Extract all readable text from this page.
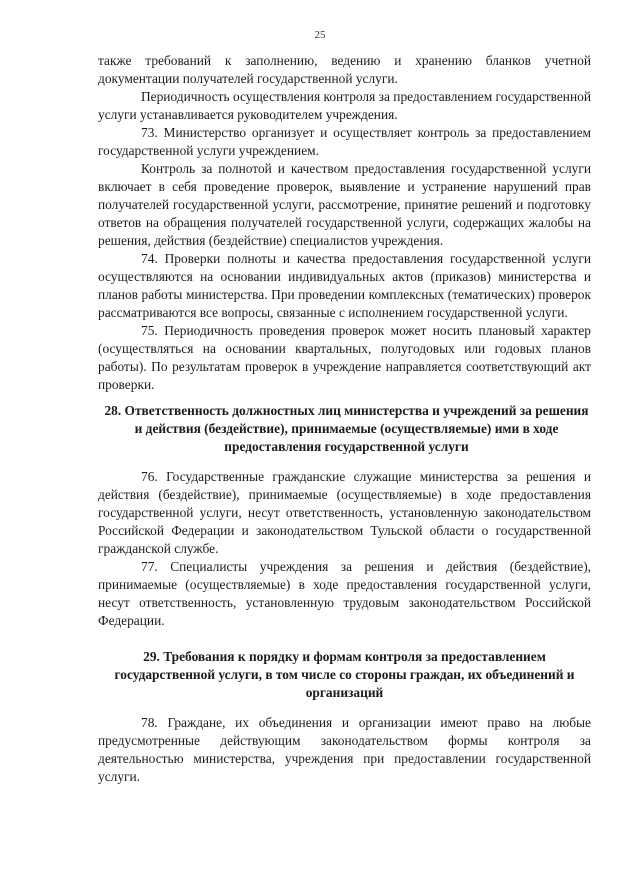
25

также требований к заполнению, ведению и хранению бланков учетной документации получателей государственной услуги.

Периодичность осуществления контроля за предоставлением государственной услуги устанавливается руководителем учреждения.

73. Министерство организует и осуществляет контроль за предоставлением государственной услуги учреждением.

Контроль за полнотой и качеством предоставления государственной услуги включает в себя проведение проверок, выявление и устранение нарушений прав получателей государственной услуги, рассмотрение, принятие решений и подготовку ответов на обращения получателей государственной услуги, содержащих жалобы на решения, действия (бездействие) специалистов учреждения.

74. Проверки полноты и качества предоставления государственной услуги осуществляются на основании индивидуальных актов (приказов) министерства и планов работы министерства. При проведении комплексных (тематических) проверок рассматриваются все вопросы, связанные с исполнением государственной услуги.

75. Периодичность проведения проверок может носить плановый характер (осуществляться на основании квартальных, полугодовых или годовых планов работы). По результатам проверок в учреждение направляется соответствующий акт проверки.

28. Ответственность должностных лиц министерства и учреждений за решения и действия (бездействие), принимаемые (осуществляемые) ими в ходе предоставления государственной услуги

76. Государственные гражданские служащие министерства за решения и действия (бездействие), принимаемые (осуществляемые) в ходе предоставления государственной услуги, несут ответственность, установленную законодательством Российской Федерации и законодательством Тульской области о государственной гражданской службе.

77. Специалисты учреждения за решения и действия (бездействие), принимаемые (осуществляемые) в ходе предоставления государственной услуги, несут ответственность, установленную трудовым законодательством Российской Федерации.

29. Требования к порядку и формам контроля за предоставлением государственной услуги, в том числе со стороны граждан, их объединений и организаций

78. Граждане, их объединения и организации имеют право на любые предусмотренные действующим законодательством формы контроля за деятельностью министерства, учреждения при предоставлении государственной услуги.
